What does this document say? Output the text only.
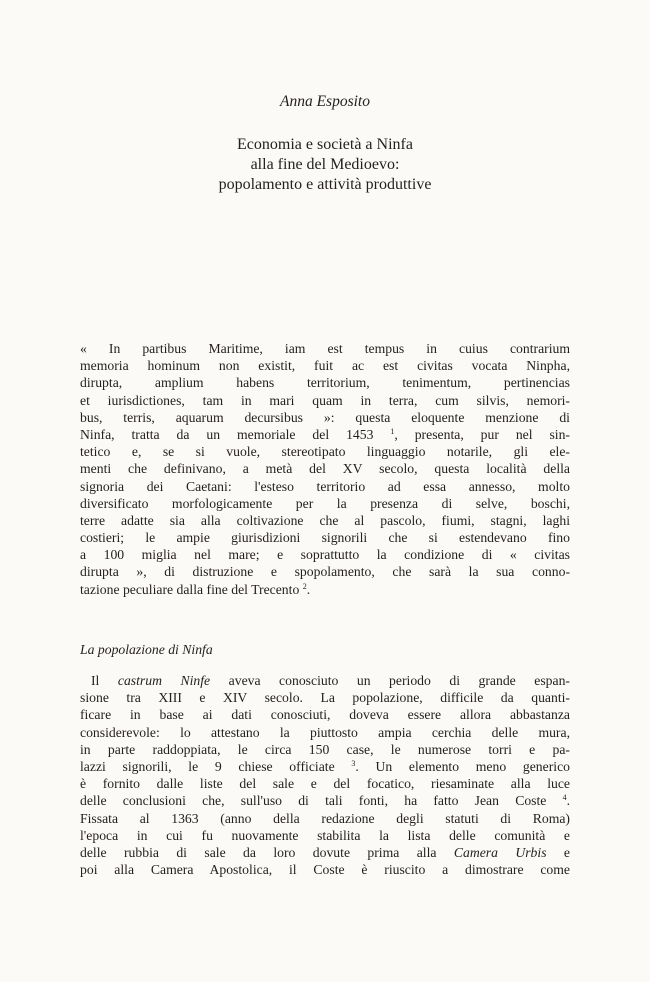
Anna Esposito
Economia e società a Ninfa
alla fine del Medioevo:
popolamento e attività produttive
« In partibus Maritime, iam est tempus in cuius contrarium
memoria hominum non existit, fuit ac est civitas vocata Ninpha,
dirupta, amplium habens territorium, tenimentum, pertinencias
et iurisdictiones, tam in mari quam in terra, cum silvis, nemori-
bus, terris, aquarum decursibus »: questa eloquente menzione di
Ninfa, tratta da un memoriale del 1453 $^1$, presenta, pur nel sin-
tetico e, se si vuole, stereotipato linguaggio notarile, gli ele-
menti che definivano, a metà del XV secolo, questa località della
signoria dei Caetani: l'esteso territorio ad essa annesso, molto
diversificato morfologicamente per la presenza di selve, boschi,
terre adatte sia alla coltivazione che al pascolo, fiumi, stagni, laghi
costieri; le ampie giurisdizioni signorili che si estendevano fino
a 100 miglia nel mare; e soprattutto la condizione di « civitas
dirupta », di distruzione e spopolamento, che sarà la sua conno-
tazione peculiare dalla fine del Trecento $^2$.
La popolazione di Ninfa
Il castrum Ninfe aveva conosciuto un periodo di grande espan-
sione tra XIII e XIV secolo. La popolazione, difficile da quanti-
ficare in base ai dati conosciuti, doveva essere allora abbastanza
considerevole: lo attestano la piuttosto ampia cerchia delle mura,
in parte raddoppiata, le circa 150 case, le numerose torri e pa-
lazzi signorili, le 9 chiese officiate $^3$. Un elemento meno generico
è fornito dalle liste del sale e del focatico, riesaminate alla luce
delle conclusioni che, sull'uso di tali fonti, ha fatto Jean Coste $^4$.
Fissata al 1363 (anno della redazione degli statuti di Roma)
l'epoca in cui fu nuovamente stabilita la lista delle comunità e
delle rubbia di sale da loro dovute prima alla Camera Urbis e
poi alla Camera Apostolica, il Coste è riuscito a dimostrare come
